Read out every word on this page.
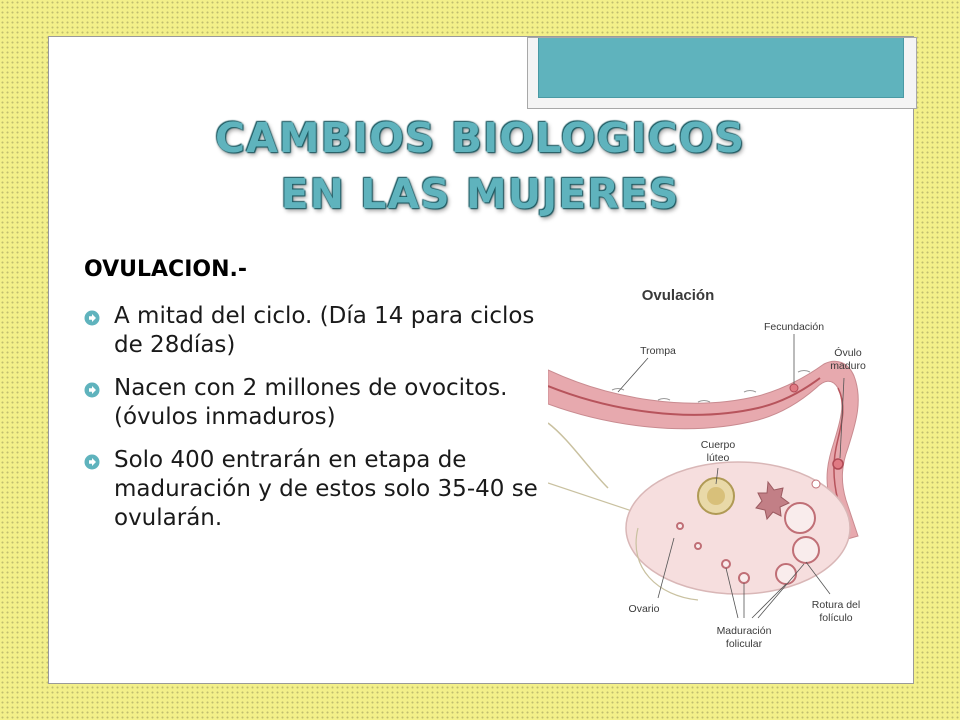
CAMBIOS BIOLOGICOS
EN LAS MUJERES

OVULACION.-

A mitad del ciclo. (Día 14 para ciclos de 28días)
Nacen con 2 millones de ovocitos. (óvulos inmaduros)
Solo 400 entrarán en etapa de maduración y de estos solo 35-40 se ovularán.
Ovulación
Fecundación
Óvulo
maduro
Trompa
Cuerpo
lúteo
Ovario	Rotura del
folículo
Maduración
folicular
